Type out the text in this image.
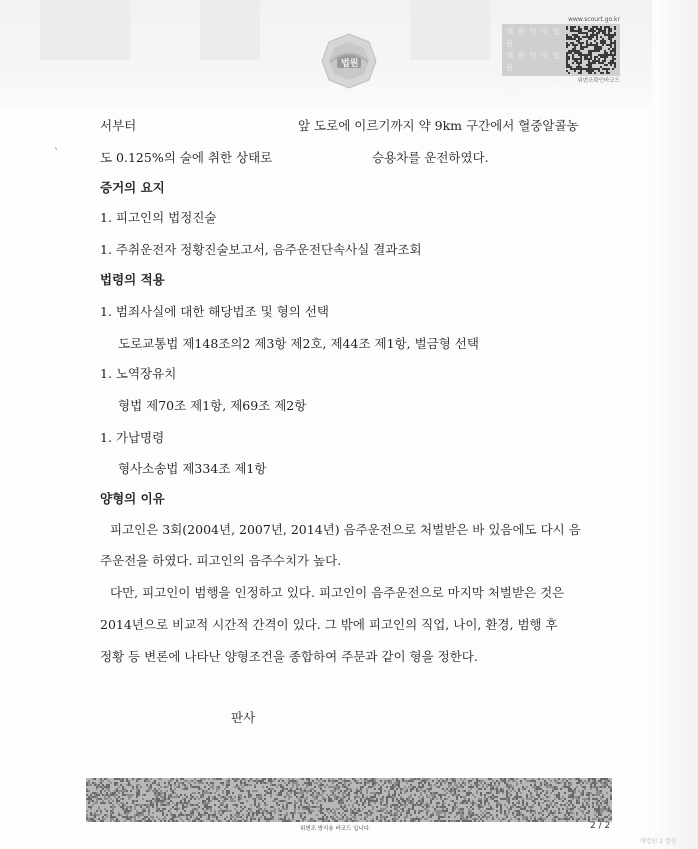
법원
www.scourt.go.kr
대 한 민 국 법 원
대 한 민 국 법 원
대 한 민 국 법 원
대 한 민 국 법 원
위변조확인바코드
`
서부터	앞 도로에 이르기까지 약 9km 구간에서 혈중알콜농
도 0.125%의 술에 취한 상태로	승용차를 운전하였다.
증거의 요지
1. 피고인의 법정진술
1. 주취운전자 정황진술보고서, 음주운전단속사실 결과조회
법령의 적용
1. 범죄사실에 대한 해당법조 및 형의 선택
도로교통법 제148조의2 제3항 제2호, 제44조 제1항, 벌금형 선택
1. 노역장유치
형법 제70조 제1항, 제69조 제2항
1. 가납명령
형사소송법 제334조 제1항
양형의 이유
피고인은 3회(2004년, 2007년, 2014년) 음주운전으로 처벌받은 바 있음에도 다시 음
주운전을 하였다. 피고인의 음주수치가 높다.
다만, 피고인이 범행을 인정하고 있다. 피고인이 음주운전으로 마지막 처벌받은 것은
2014년으로 비교적 시간적 간격이 있다. 그 밖에 피고인의 직업, 나이, 환경, 범행 후
정황 등 변론에 나타난 양형조건을 종합하여 주문과 같이 형을 정한다.
판사
위변조 방지용 바코드 입니다.	2 / 2
대법원 2 법원
